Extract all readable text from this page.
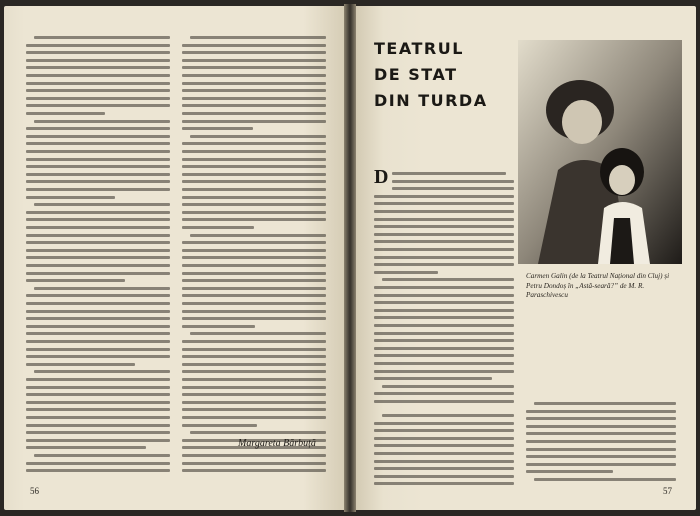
Margareta Bărbuță
56
TEATRUL
DE STAT
DIN TURDA
Carmen Galin (de la Teatrul Național din Cluj) și Petru Dondoș în „Astă-seară?” de M. R. Paraschivescu
D
57
